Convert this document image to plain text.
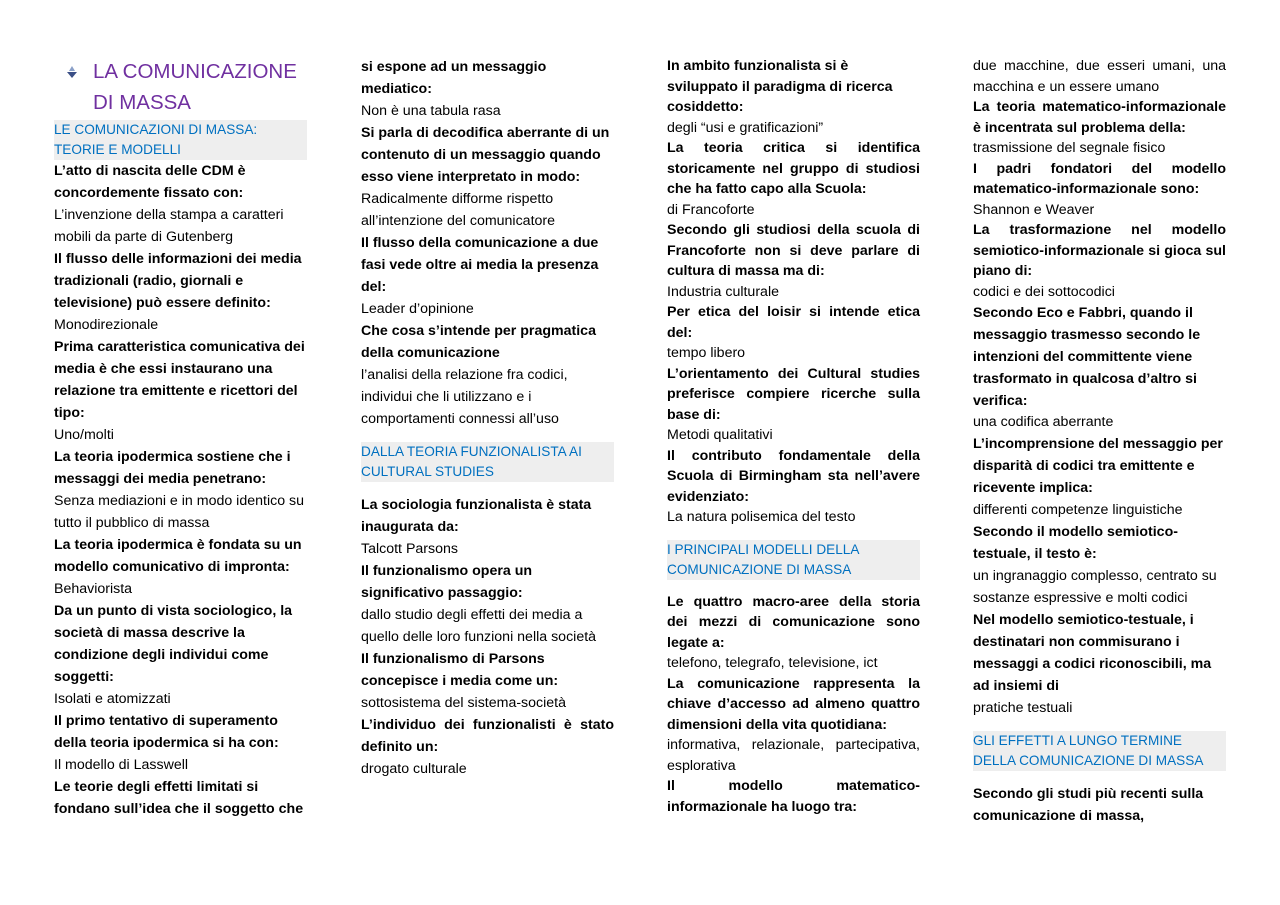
LA COMUNICAZIONE DI MASSA
LE COMUNICAZIONI DI MASSA: TEORIE E MODELLI

L’atto di nascita delle CDM è concordemente fissato con:

L’invenzione della stampa a caratteri mobili da parte di Gutenberg

Il flusso delle informazioni dei media tradizionali (radio, giornali e televisione) può essere definito:

Monodirezionale

Prima caratteristica comunicativa dei media è che essi instaurano una relazione tra emittente e ricettori del tipo:

Uno/molti

La teoria ipodermica sostiene che i messaggi dei media penetrano:

Senza mediazioni e in modo identico su tutto il pubblico di massa

La teoria ipodermica è fondata su un modello comunicativo di impronta:

Behaviorista

Da un punto di vista sociologico, la società di massa descrive la condizione degli individui come soggetti:

Isolati e atomizzati

Il primo tentativo di superamento della teoria ipodermica si ha con:

Il modello di Lasswell

Le teorie degli effetti limitati si fondano sull’idea che il soggetto che

si espone ad un messaggio mediatico:

Non è una tabula rasa

Si parla di decodifica aberrante di un contenuto di un messaggio quando esso viene interpretato in modo:

Radicalmente difforme rispetto all’intenzione del comunicatore

Il flusso della comunicazione a due fasi vede oltre ai media la presenza del:

Leader d’opinione

Che cosa s’intende per pragmatica della comunicazione

l’analisi della relazione fra codici, individui che li utilizzano e i comportamenti connessi all’uso

DALLA TEORIA FUNZIONALISTA AI CULTURAL STUDIES

La sociologia funzionalista è stata inaugurata da:

Talcott Parsons

Il funzionalismo opera un significativo passaggio:

dallo studio degli effetti dei media a quello delle loro funzioni nella società

Il funzionalismo di Parsons concepisce i media come un:

sottosistema del sistema-società

L’individuo dei funzionalisti è stato definito un:

drogato culturale

In ambito funzionalista si è sviluppato il paradigma di ricerca cosiddetto:

degli “usi e gratificazioni”

La teoria critica si identifica storicamente nel gruppo di studiosi che ha fatto capo alla Scuola:

di Francoforte

Secondo gli studiosi della scuola di Francoforte non si deve parlare di cultura di massa ma di:

Industria culturale

Per etica del loisir si intende etica del:

tempo libero

L’orientamento dei Cultural studies preferisce compiere ricerche sulla base di:

Metodi qualitativi

Il contributo fondamentale della Scuola di Birmingham sta nell’avere evidenziato:

La natura polisemica del testo

I PRINCIPALI MODELLI DELLA COMUNICAZIONE DI MASSA

Le quattro macro-aree della storia dei mezzi di comunicazione sono legate a:

telefono, telegrafo, televisione, ict

La comunicazione rappresenta la chiave d’accesso ad almeno quattro dimensioni della vita quotidiana:

informativa, relazionale, partecipativa, esplorativa

Il modello matematico-informazionale ha luogo tra:

due macchine, due esseri umani, una macchina e un essere umano

La teoria matematico-informazionale è incentrata sul problema della:

trasmissione del segnale fisico

I padri fondatori del modello matematico-informazionale sono:

Shannon e Weaver

La trasformazione nel modello semiotico-informazionale si gioca sul piano di:

codici e dei sottocodici

Secondo Eco e Fabbri, quando il messaggio trasmesso secondo le intenzioni del committente viene trasformato in qualcosa d’altro si verifica:

una codifica aberrante

L’incomprensione del messaggio per disparità di codici tra emittente e ricevente implica:

differenti competenze linguistiche

Secondo il modello semiotico-testuale, il testo è:

un ingranaggio complesso, centrato su sostanze espressive e molti codici

Nel modello semiotico-testuale, i destinatari non commisurano i messaggi a codici riconoscibili, ma ad insiemi di

pratiche testuali

GLI EFFETTI A LUNGO TERMINE DELLA COMUNICAZIONE DI MASSA

Secondo gli studi più recenti sulla comunicazione di massa,
